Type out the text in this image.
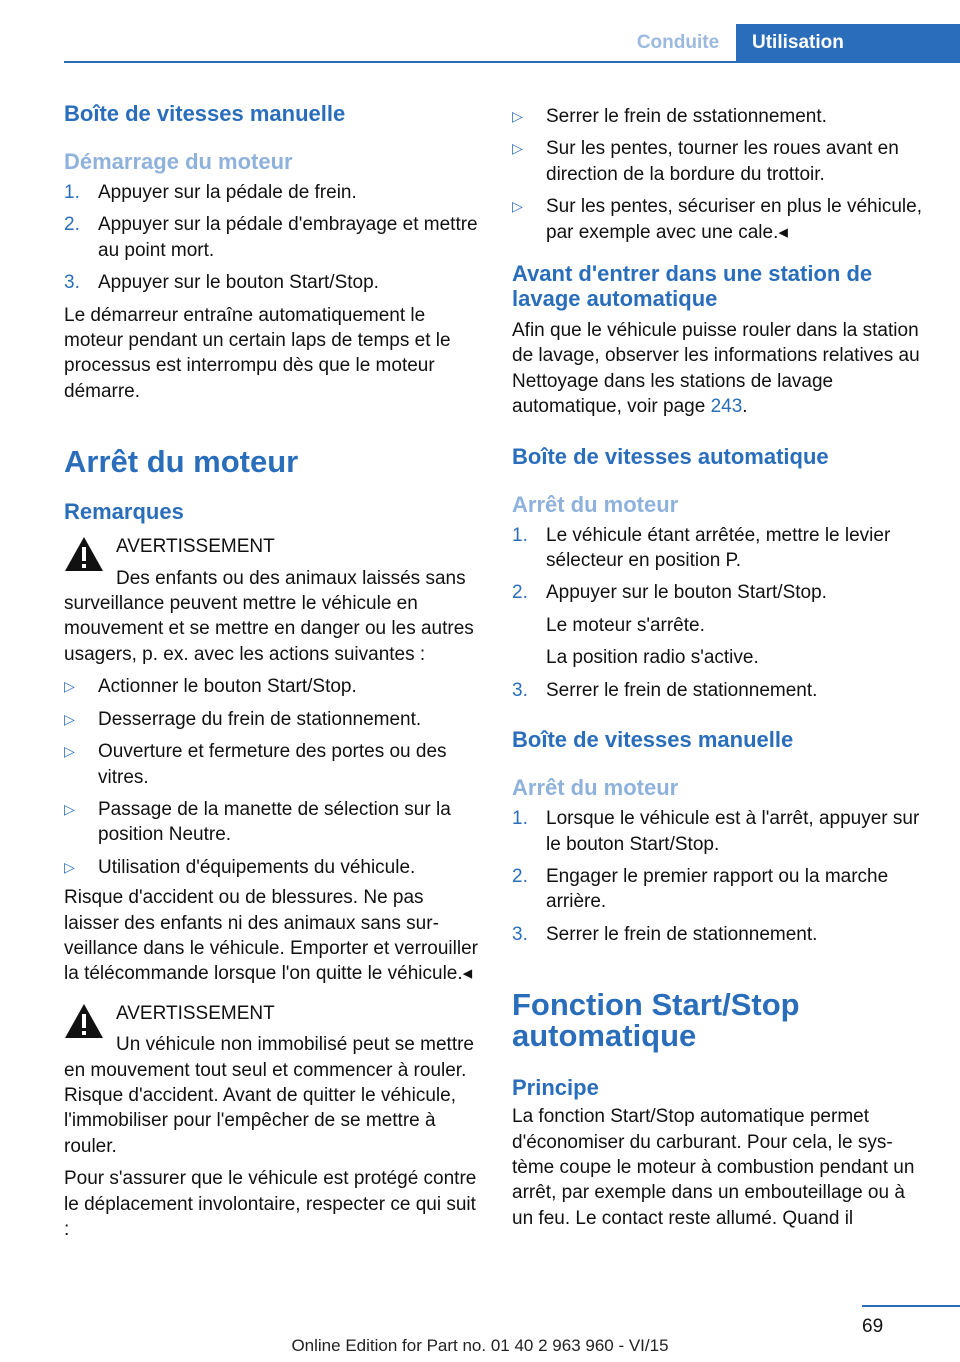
Conduite	Utilisation
Boîte de vitesses manuelle
Démarrage du moteur
1. Appuyer sur la pédale de frein.
2. Appuyer sur la pédale d'embrayage et mettre au point mort.
3. Appuyer sur le bouton Start/Stop.
Le démarreur entraîne automatiquement le moteur pendant un certain laps de temps et le processus est interrompu dès que le moteur démarre.
Arrêt du moteur
Remarques
AVERTISSEMENT
Des enfants ou des animaux laissés sans surveillance peuvent mettre le véhicule en mouvement et se mettre en danger ou les autres usagers, p. ex. avec les actions suivantes :
▷ Actionner le bouton Start/Stop.
▷ Desserrage du frein de stationnement.
▷ Ouverture et fermeture des portes ou des vitres.
▷ Passage de la manette de sélection sur la position Neutre.
▷ Utilisation d'équipements du véhicule.
Risque d'accident ou de blessures. Ne pas laisser des enfants ni des animaux sans surveillance dans le véhicule. Emporter et verrouiller la télécommande lorsque l'on quitte le véhicule.◂
AVERTISSEMENT
Un véhicule non immobilisé peut se mettre en mouvement tout seul et commencer à rouler. Risque d'accident. Avant de quitter le véhicule, l'immobiliser pour l'empêcher de se mettre à rouler.
Pour s'assurer que le véhicule est protégé contre le déplacement involontaire, respecter ce qui suit :
▷ Serrer le frein de sstationnement.
▷ Sur les pentes, tourner les roues avant en direction de la bordure du trottoir.
▷ Sur les pentes, sécuriser en plus le véhicule, par exemple avec une cale.◂
Avant d'entrer dans une station de lavage automatique
Afin que le véhicule puisse rouler dans la station de lavage, observer les informations relatives au Nettoyage dans les stations de lavage automatique, voir page 243.
Boîte de vitesses automatique
Arrêt du moteur
1. Le véhicule étant arrêtée, mettre le levier sélecteur en position P.
2. Appuyer sur le bouton Start/Stop.
Le moteur s'arrête.
La position radio s'active.
3. Serrer le frein de stationnement.
Boîte de vitesses manuelle
Arrêt du moteur
1. Lorsque le véhicule est à l'arrêt, appuyer sur le bouton Start/Stop.
2. Engager le premier rapport ou la marche arrière.
3. Serrer le frein de stationnement.
Fonction Start/Stop automatique
Principe
La fonction Start/Stop automatique permet d'économiser du carburant. Pour cela, le système coupe le moteur à combustion pendant un arrêt, par exemple dans un embouteillage ou à un feu. Le contact reste allumé. Quand il
69
Online Edition for Part no. 01 40 2 963 960 - VI/15
